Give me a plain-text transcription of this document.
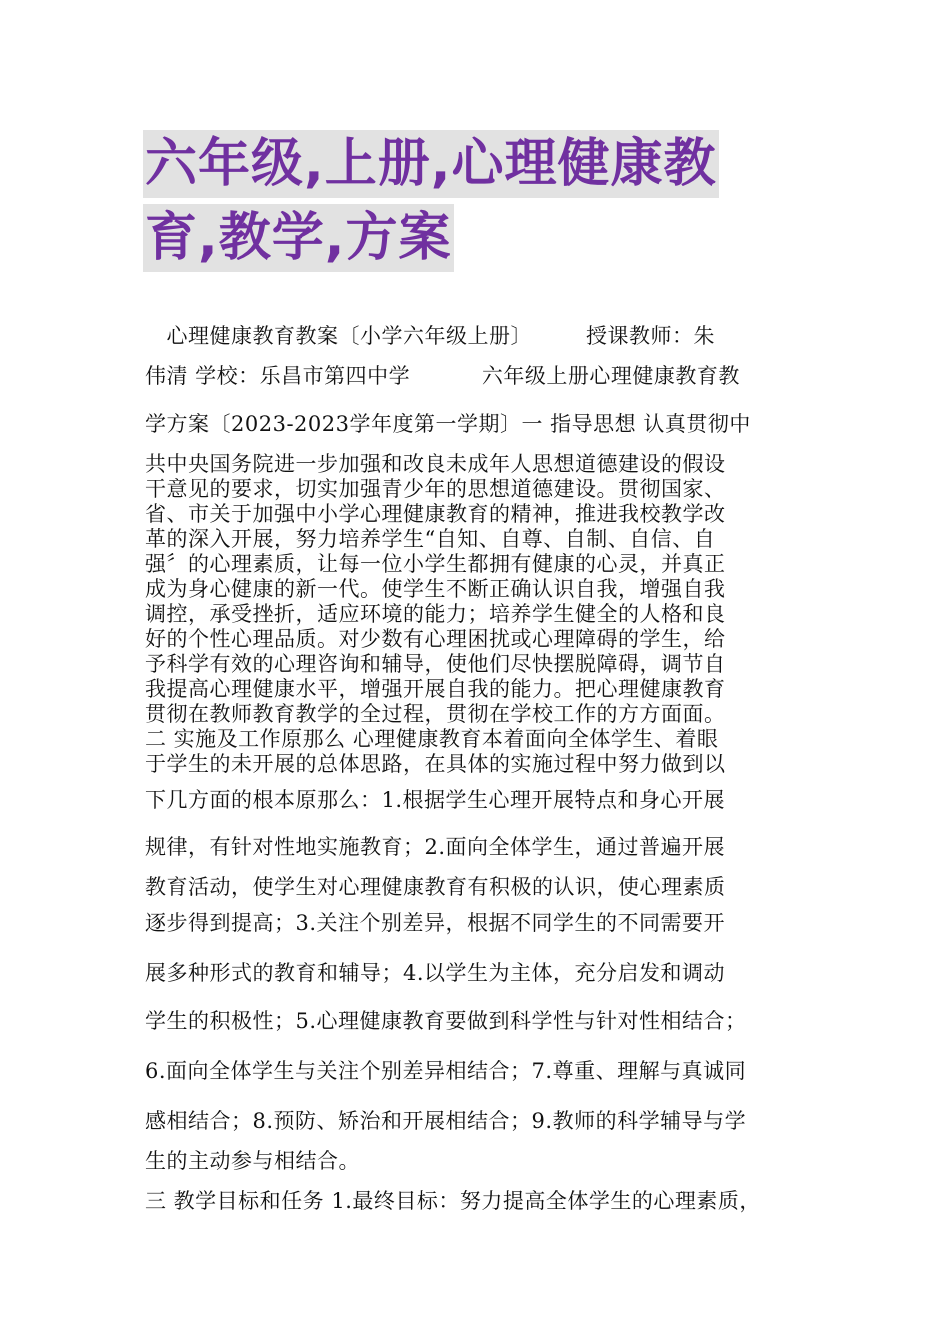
六年级,上册,心理健康教
育,教学,方案
　心理健康教育教案〔小学六年级上册〕　　　授课教师：朱
伟清 学校：乐昌市第四中学　　　 六年级上册心理健康教育教
学方案〔2023-2023学年度第一学期〕一 指导思想 认真贯彻中
共中央国务院进一步加强和改良未成年人思想道德建设的假设
干意见的要求，切实加强青少年的思想道德建设。贯彻国家、
省、市关于加强中小学心理健康教育的精神，推进我校教学改
革的深入开展，努力培养学生“自知、自尊、自制、自信、自
强〞的心理素质，让每一位小学生都拥有健康的心灵，并真正
成为身心健康的新一代。使学生不断正确认识自我，增强自我
调控，承受挫折，适应环境的能力；培养学生健全的人格和良
好的个性心理品质。对少数有心理困扰或心理障碍的学生，给
予科学有效的心理咨询和辅导，使他们尽快摆脱障碍，调节自
我提高心理健康水平，增强开展自我的能力。把心理健康教育
贯彻在教师教育教学的全过程，贯彻在学校工作的方方面面。
二 实施及工作原那么 心理健康教育本着面向全体学生、着眼
于学生的未开展的总体思路，在具体的实施过程中努力做到以
下几方面的根本原那么：1.根据学生心理开展特点和身心开展
规律，有针对性地实施教育；2.面向全体学生，通过普遍开展
教育活动，使学生对心理健康教育有积极的认识，使心理素质
逐步得到提高；3.关注个别差异，根据不同学生的不同需要开
展多种形式的教育和辅导；4.以学生为主体，充分启发和调动
学生的积极性；5.心理健康教育要做到科学性与针对性相结合；
6.面向全体学生与关注个别差异相结合；7.尊重、理解与真诚同
感相结合；8.预防、矫治和开展相结合；9.教师的科学辅导与学
生的主动参与相结合。
三 教学目标和任务 1.最终目标：努力提高全体学生的心理素质，
